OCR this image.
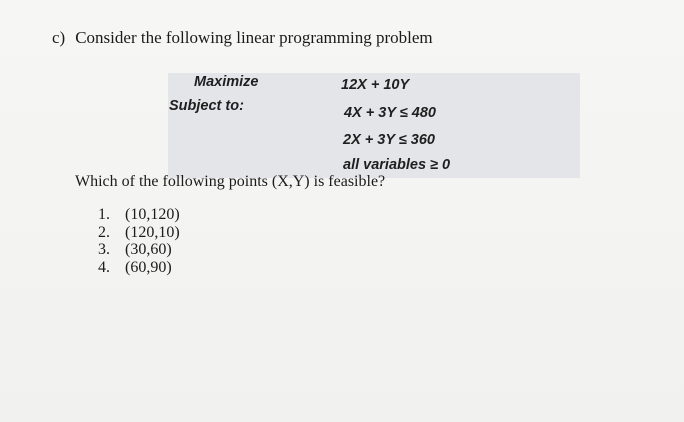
c) Consider the following linear programming problem
Maximize	12X + 10Y
Subject to:	4X + 3Y ≤ 480
2X + 3Y ≤ 360
all variables ≥ 0
Which of the following points (X,Y) is feasible?
1. (10,120)
2. (120,10)
3. (30,60)
4. (60,90)
